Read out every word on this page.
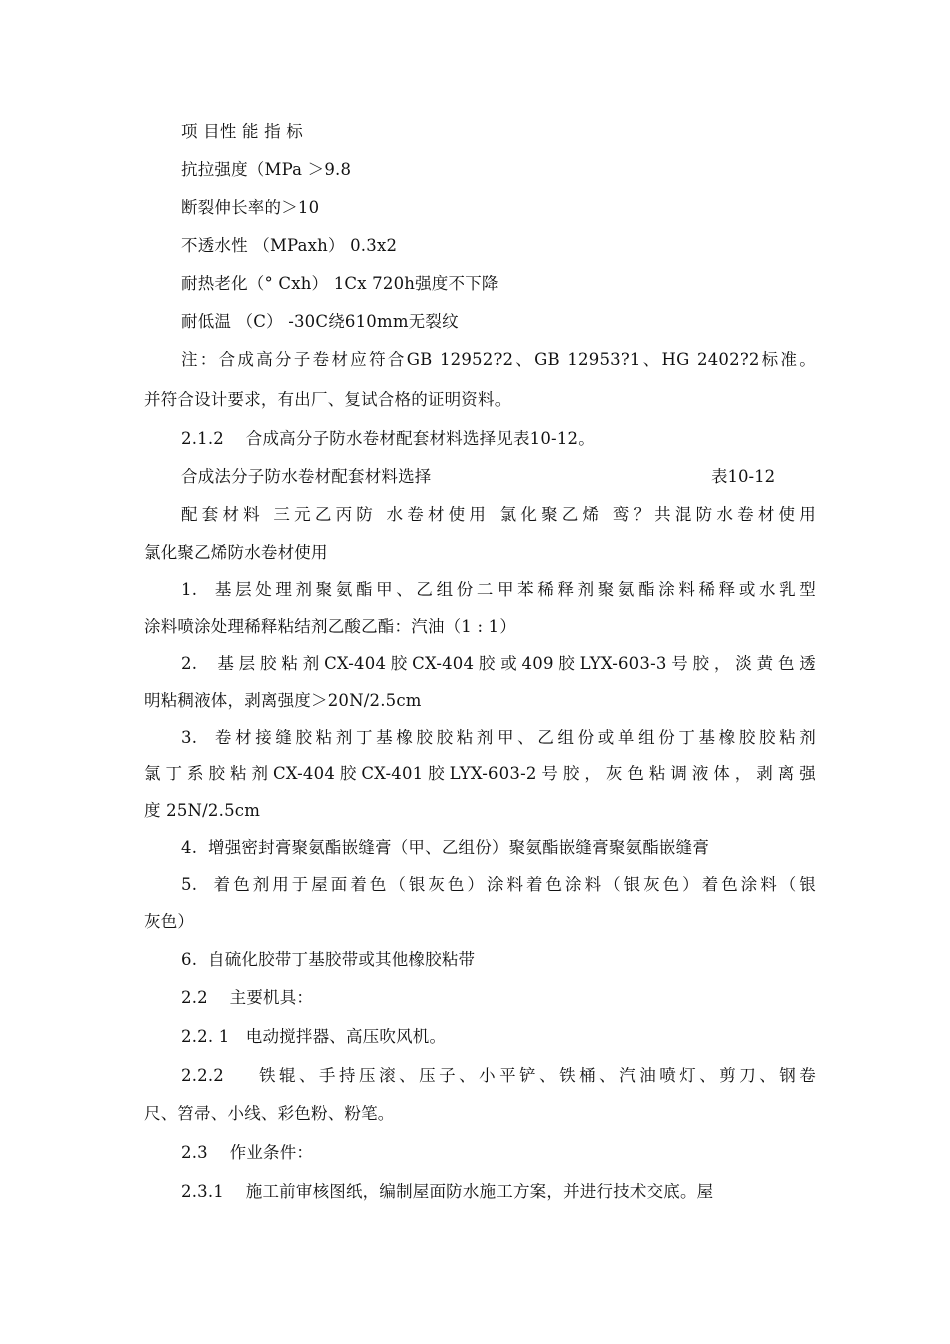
项 目性 能 指 标
抗拉强度（MPa ＞9.8
断裂伸长率的＞10
不透水性 （MPaxh） 0.3x2
耐热老化（° Cxh） 1Cx 720h强度不下降
耐低温 （C） -30C绕610mm无裂纹
注：合成高分子卷材应符合GB 12952?2、GB 12953?1、HG 2402?2标准。
并符合设计要求，有出厂、复试合格的证明资料。
2.1.2    合成高分子防水卷材配套材料选择见表10-12。
合成法分子防水卷材配套材料选择	表10-12
配套材料 三元乙丙防 水卷材使用 氯化聚乙烯 鸾？共混防水卷材使用
氯化聚乙烯防水卷材使用
1.  基层处理剂聚氨酯甲、乙组份二甲苯稀释剂聚氨酯涂料稀释或水乳型
涂料喷涂处理稀释粘结剂乙酸乙酯：汽油（1 : 1）
2.  基层胶粘剂CX-404胶CX-404胶或409胶LYX-603-3号胶，淡黄色透
明粘稠液体，剥离强度＞20N/2.5cm
3.  卷材接缝胶粘剂丁基橡胶胶粘剂甲、乙组份或单组份丁基橡胶胶粘剂
氯丁系胶粘剂CX-404胶CX-401胶LYX-603-2号胶，灰色粘调液体，剥离强
度 25N/2.5cm
4.  增强密封膏聚氨酯嵌缝膏（甲、乙组份）聚氨酯嵌缝膏聚氨酯嵌缝膏
5.  着色剂用于屋面着色（银灰色）涂料着色涂料（银灰色）着色涂料（银
灰色）
6.  自硫化胶带丁基胶带或其他橡胶粘带
2.2    主要机具：
2.2. 1   电动搅拌器、高压吹风机。
2.2.2    铁辊、手持压滚、压子、小平铲、铁桶、汽油喷灯、剪刀、钢卷
尺、笤帚、小线、彩色粉、粉笔。
2.3    作业条件：
2.3.1    施工前审核图纸，编制屋面防水施工方案，并进行技术交底。屋
